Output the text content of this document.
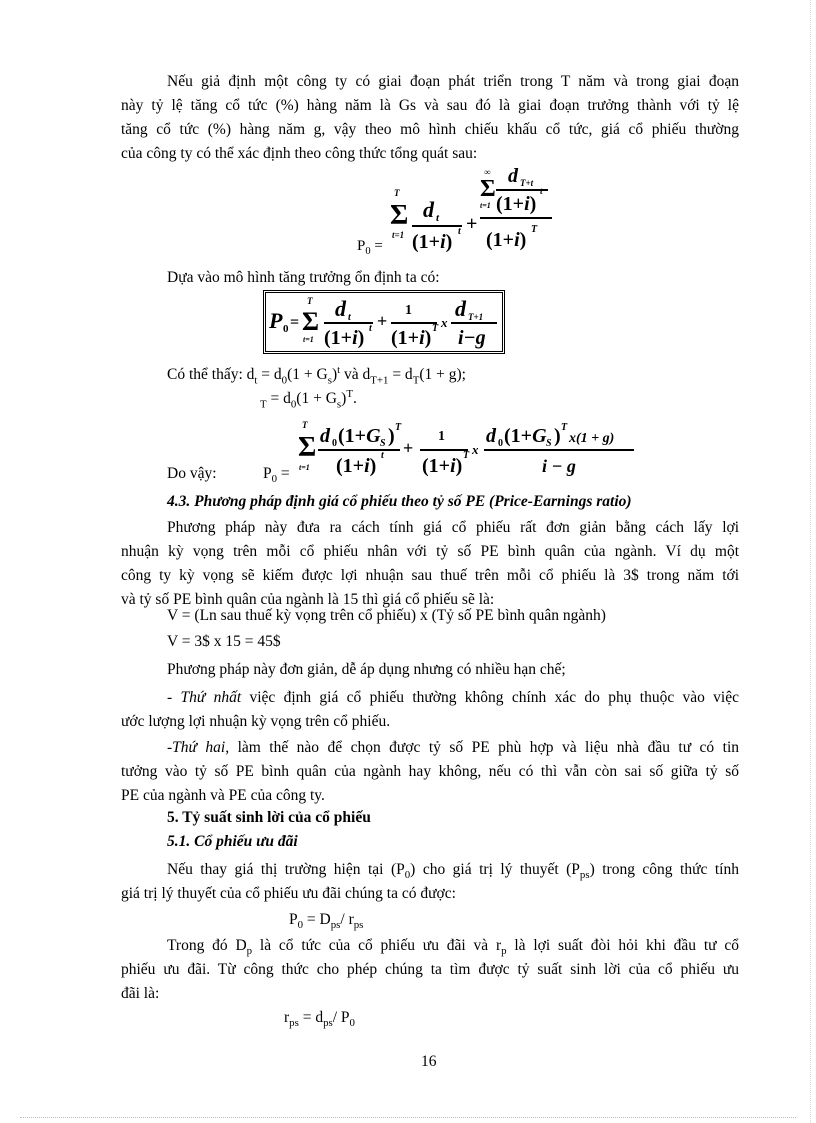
Nếu giả định một công ty có giai đoạn phát triển trong T năm và trong giai đoạn
này tỷ lệ tăng cổ tức (%) hàng năm là Gs và sau đó là giai đoạn trưởng thành với tỷ lệ
tăng cổ tức (%) hàng năm g, vậy theo mô hình chiếu khấu cổ tức, giá cổ phiếu thường
của công ty có thể xác định theo công thức tổng quát sau:
$P_0$ =
T
Σ
t=1
d t
(1+i) t +
∞
Σ
t=1
d T+t
(1+i)
t
(1+i) T
Dựa vào mô hình tăng trưởng ổn định ta có:
P 0 =
T
Σ
t=1
d t
(1+i) t +
1
(1+i) T x
d T+1
i−g
Có thể thấy: $d_t = d_0(1 + G_s)^t$ và $d_{T+1} = d_T(1 + g)$;
$_T = d_0(1 + G_s)^T$.
Do vậy:	$P_0$ =
T
Σ
t=1
d 0 (1+G S ) T
(1+i) t +
1
(1+i) T x
d 0 (1+G S ) T
x(1 + g)
i − g
4.3. Phương pháp định giá cổ phiếu theo tỷ số PE (Price-Earnings ratio)
Phương pháp này đưa ra cách tính giá cổ phiếu rất đơn giản bằng cách lấy lợi
nhuận kỳ vọng trên mỗi cổ phiếu nhân với tỷ số PE bình quân của ngành. Ví dụ một
công ty kỳ vọng sẽ kiếm được lợi nhuận sau thuế trên mỗi cổ phiếu là 3$ trong năm tới
và tỷ số PE bình quân của ngành là 15 thì giá cổ phiếu sẽ là:
V = (Ln sau thuế kỳ vọng trên cổ phiếu) x (Tỷ số PE bình quân ngành)
V = 3$ x 15 = 45$
Phương pháp này đơn giản, dễ áp dụng nhưng có nhiều hạn chế;
- Thứ nhất việc định giá cổ phiếu thường không chính xác do phụ thuộc vào việc
ước lượng lợi nhuận kỳ vọng trên cổ phiếu.
-Thứ hai, làm thế nào để chọn được tỷ số PE phù hợp và liệu nhà đầu tư có tin
tưởng vào tỷ số PE bình quân của ngành hay không, nếu có thì vẫn còn sai số giữa tỷ số
PE của ngành và PE của công ty.
5. Tỷ suất sinh lời của cổ phiếu
5.1. Cổ phiếu ưu đãi
Nếu thay giá thị trường hiện tại $(P_0)$ cho giá trị lý thuyết $(P_{ps})$ trong công thức tính
giá trị lý thuyết của cổ phiếu ưu đãi chúng ta có được:
$P_0 = D_{ps}/$ $r_{ps}$
Trong đó $D_p$ là cổ tức của cổ phiếu ưu đãi và $r_p$ là lợi suất đòi hỏi khi đầu tư cổ
phiếu ưu đãi. Từ công thức cho phép chúng ta tìm được tỷ suất sinh lời của cổ phiếu ưu
đãi là:
$r_{ps} = d_{ps}/$ $P_0$
16
